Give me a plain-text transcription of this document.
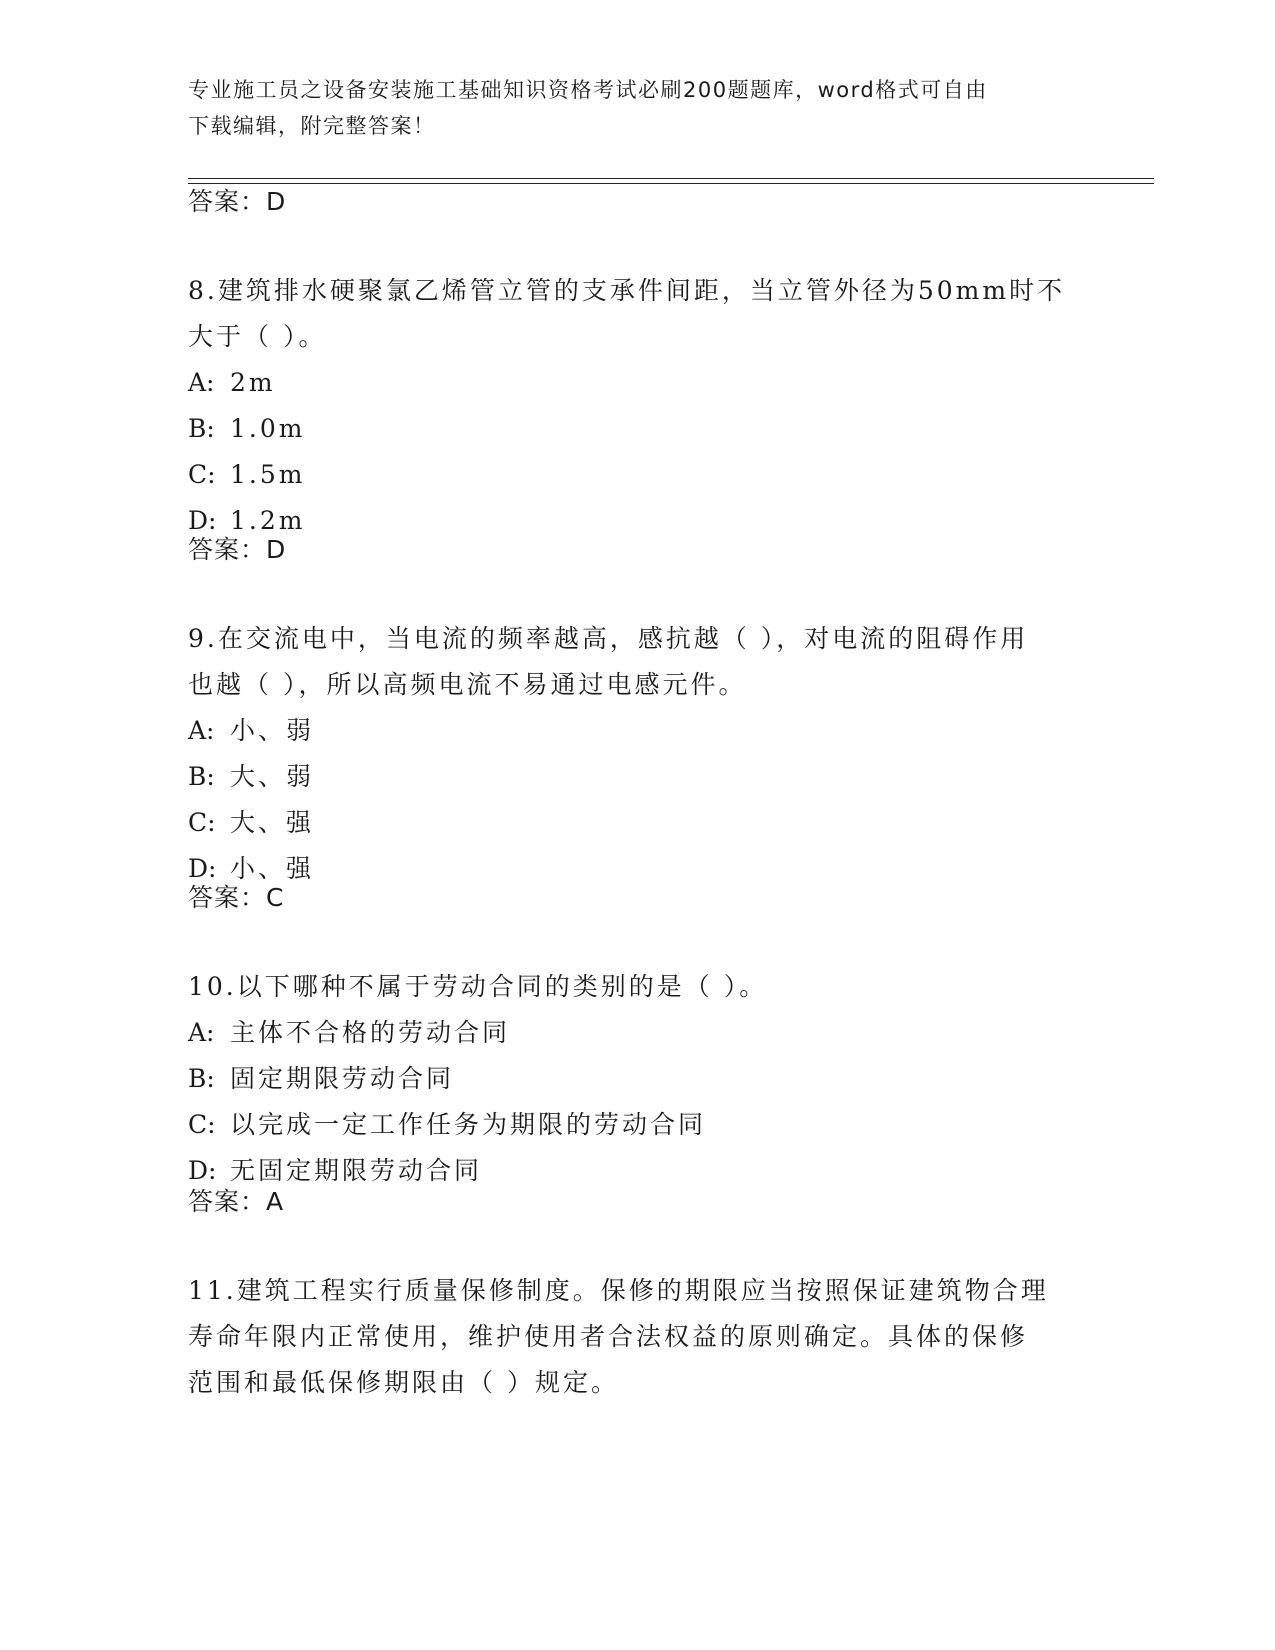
专业施工员之设备安装施工基础知识资格考试必刷200题题库，word格式可自由
下载编辑，附完整答案！
答案：D
8.建筑排水硬聚氯乙烯管立管的支承件间距，当立管外径为50mm时不
大于（ ）。
A: 2m
B: 1.0m
C: 1.5m
D: 1.2m
答案：D
9.在交流电中，当电流的频率越高，感抗越（ ），对电流的阻碍作用
也越（ ），所以高频电流不易通过电感元件。
A: 小、弱
B: 大、弱
C: 大、强
D: 小、强
答案：C
10.以下哪种不属于劳动合同的类别的是（ ）。
A: 主体不合格的劳动合同
B: 固定期限劳动合同
C: 以完成一定工作任务为期限的劳动合同
D: 无固定期限劳动合同
答案：A
11.建筑工程实行质量保修制度。保修的期限应当按照保证建筑物合理
寿命年限内正常使用，维护使用者合法权益的原则确定。具体的保修
范围和最低保修期限由（ ）规定。
